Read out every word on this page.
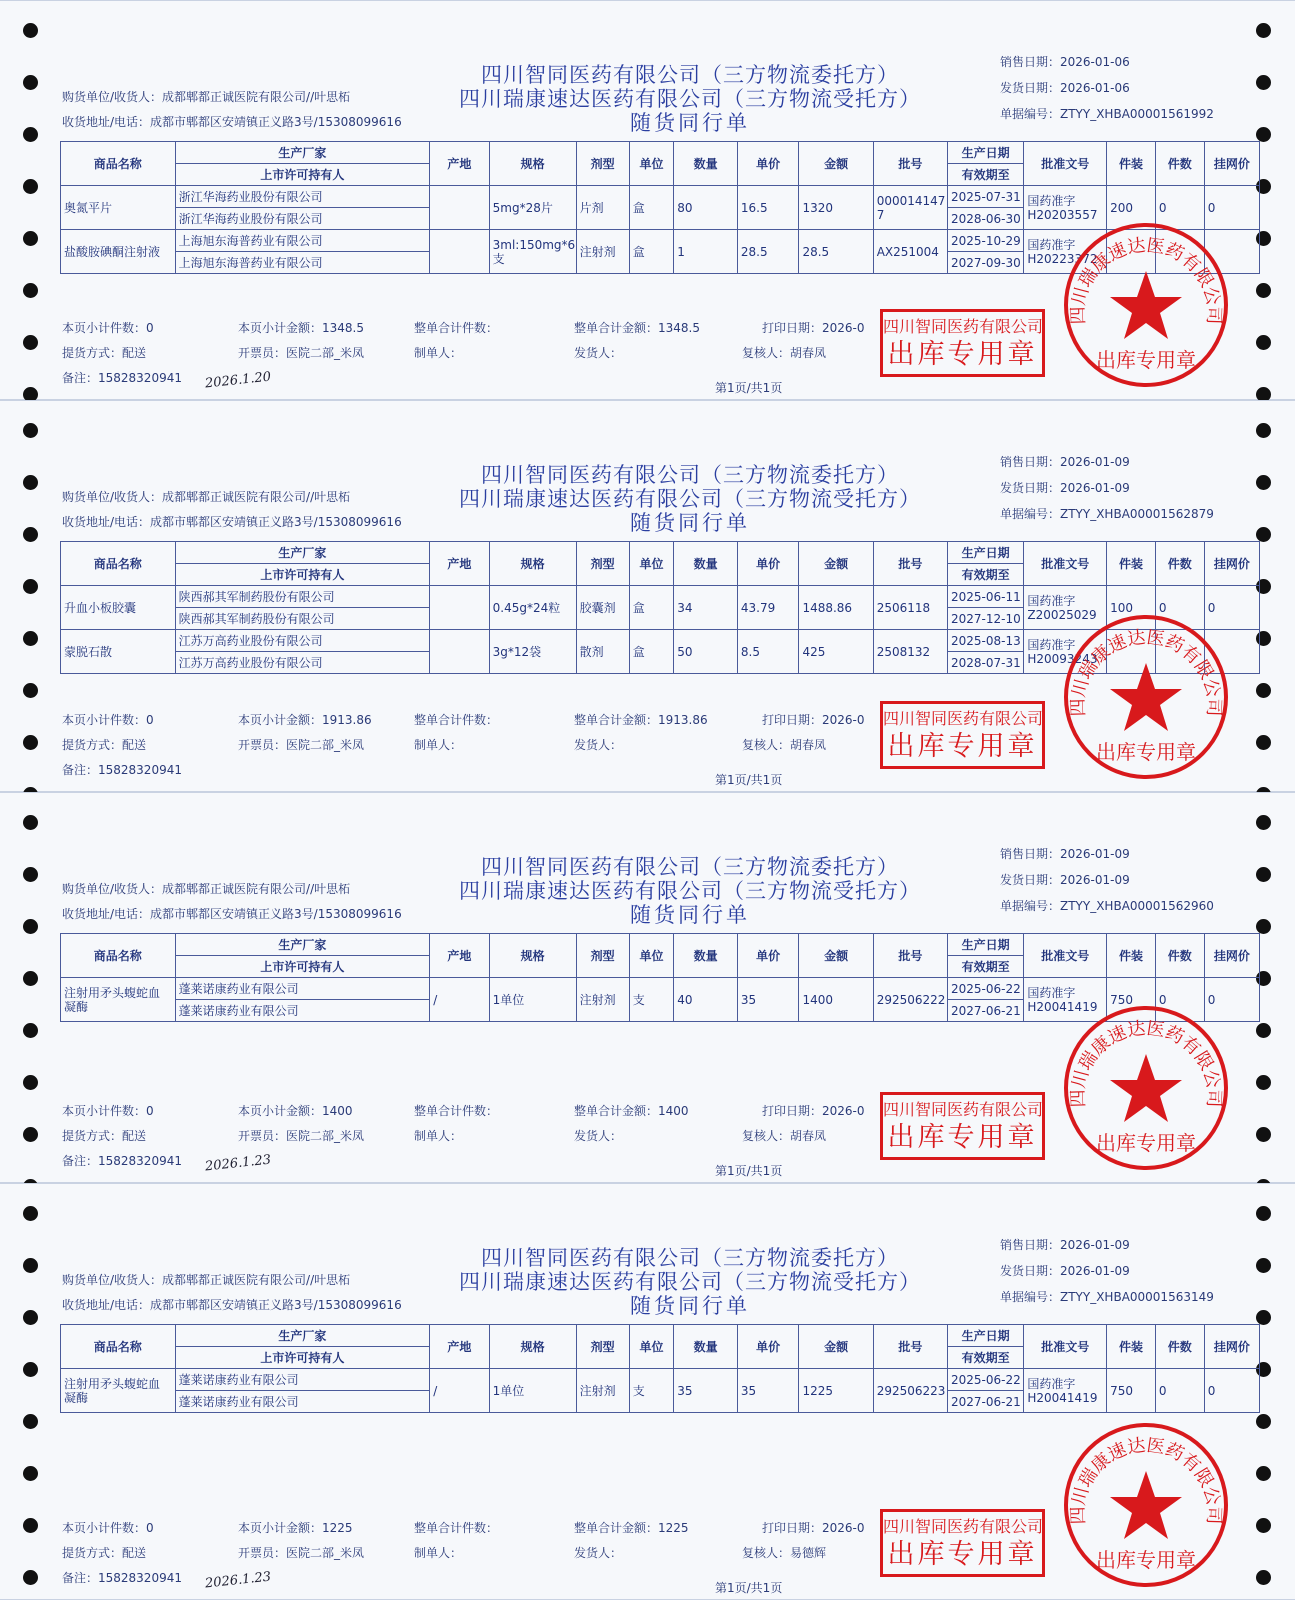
四川智同医药有限公司（三方物流委托方）
四川瑞康速达医药有限公司（三方物流受托方）
随货同行单
销售日期：2026-01-06
发货日期：2026-01-06
单据编号：ZTYY_XHBA00001561992
购货单位/收货人：成都郫都正诚医院有限公司//叶思柘
收货地址/电话：成都市郫都区安靖镇正义路3号/15308099616
商品名称	生产厂家	产地	规格	剂型	单位	数量	单价	金额	批号	生产日期	批准文号	件装	件数	挂网价
	上市许可持有人									有效期至				
奥氮平片	浙江华海药业股份有限公司		5mg*28片	片剂	盒	80	16.5	1320	000014147 7	2025-07-31	国药准字 H20203557	200	0	0
	浙江华海药业股份有限公司									2028-06-30				
盐酸胺碘酮注射液	上海旭东海普药业有限公司		3ml:150mg*6支	注射剂	盒	1	28.5	28.5	AX251004	2025-10-29	国药准字 H20223372			
	上海旭东海普药业有限公司									2027-09-30				
本页小计件数：0	本页小计金额：1348.5	整单合计件数：	整单合计金额：1348.5	打印日期：2026-0
提货方式：配送	开票员：医院二部_米凤	制单人：	发货人：	复核人：胡春凤
备注：15828320941 2026.1.20	第1页/共1页
四川智同医药有限公司
出库专用章
四川瑞康速达医药有限公司
出库专用章
四川智同医药有限公司（三方物流委托方）
四川瑞康速达医药有限公司（三方物流受托方）
随货同行单
销售日期：2026-01-09
发货日期：2026-01-09
单据编号：ZTYY_XHBA00001562879
购货单位/收货人：成都郫都正诚医院有限公司//叶思柘
收货地址/电话：成都市郫都区安靖镇正义路3号/15308099616
商品名称	生产厂家	产地	规格	剂型	单位	数量	单价	金额	批号	生产日期	批准文号	件装	件数	挂网价
	上市许可持有人									有效期至				
升血小板胶囊	陕西郝其军制药股份有限公司		0.45g*24粒	胶囊剂	盒	34	43.79	1488.86	2506118	2025-06-11	国药准字 Z20025029	100	0	0
	陕西郝其军制药股份有限公司									2027-12-10				
蒙脱石散	江苏万高药业股份有限公司		3g*12袋	散剂	盒	50	8.5	425	2508132	2025-08-13	国药准字 H20093243			
	江苏万高药业股份有限公司									2028-07-31				
本页小计件数：0	本页小计金额：1913.86	整单合计件数：	整单合计金额：1913.86	打印日期：2026-0
提货方式：配送	开票员：医院二部_米凤	制单人：	发货人：	复核人：胡春凤
备注：15828320941
第1页/共1页
四川智同医药有限公司
出库专用章
四川瑞康速达医药有限公司
出库专用章
四川智同医药有限公司（三方物流委托方）
四川瑞康速达医药有限公司（三方物流受托方）
随货同行单
销售日期：2026-01-09
发货日期：2026-01-09
单据编号：ZTYY_XHBA00001562960
购货单位/收货人：成都郫都正诚医院有限公司//叶思柘
收货地址/电话：成都市郫都区安靖镇正义路3号/15308099616
商品名称	生产厂家	产地	规格	剂型	单位	数量	单价	金额	批号	生产日期	批准文号	件装	件数	挂网价
	上市许可持有人									有效期至				
注射用矛头蝮蛇血凝酶	蓬莱诺康药业有限公司	/	1单位	注射剂	支	40	35	1400	292506222	2025-06-22	国药准字 H20041419	750	0	0
	蓬莱诺康药业有限公司									2027-06-21				
本页小计件数：0	本页小计金额：1400	整单合计件数：	整单合计金额：1400	打印日期：2026-0
提货方式：配送	开票员：医院二部_米凤	制单人：	发货人：	复核人：胡春凤
备注：15828320941 2026.1.23	第1页/共1页
四川智同医药有限公司
出库专用章
四川瑞康速达医药有限公司
出库专用章
四川智同医药有限公司（三方物流委托方）
四川瑞康速达医药有限公司（三方物流受托方）
随货同行单
销售日期：2026-01-09
发货日期：2026-01-09
单据编号：ZTYY_XHBA00001563149
购货单位/收货人：成都郫都正诚医院有限公司//叶思柘
收货地址/电话：成都市郫都区安靖镇正义路3号/15308099616
商品名称	生产厂家	产地	规格	剂型	单位	数量	单价	金额	批号	生产日期	批准文号	件装	件数	挂网价
	上市许可持有人									有效期至				
注射用矛头蝮蛇血凝酶	蓬莱诺康药业有限公司	/	1单位	注射剂	支	35	35	1225	292506223	2025-06-22	国药准字 H20041419	750	0	0
	蓬莱诺康药业有限公司									2027-06-21				
本页小计件数：0	本页小计金额：1225	整单合计件数：	整单合计金额：1225	打印日期：2026-0
提货方式：配送	开票员：医院二部_米凤	制单人：	发货人：	复核人：易德辉
备注：15828320941 2026.1.23	第1页/共1页
四川智同医药有限公司
出库专用章
四川瑞康速达医药有限公司
出库专用章
